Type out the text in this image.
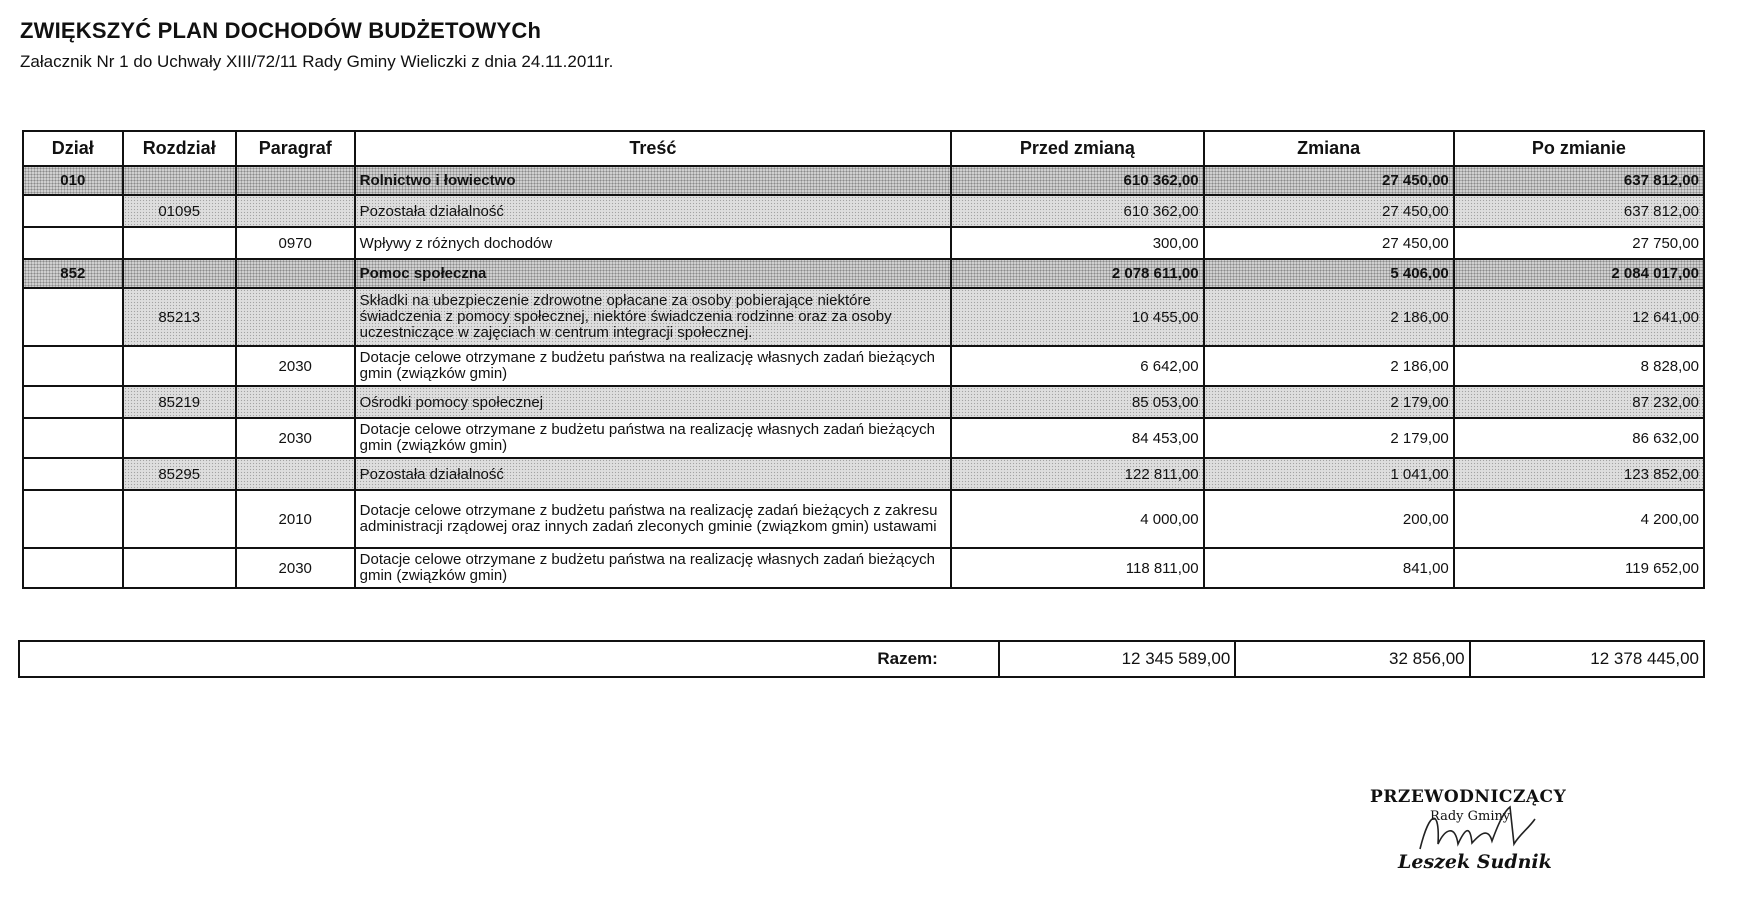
ZWIĘKSZYĆ PLAN DOCHODÓW BUDŻETOWYCh
Załacznik Nr 1 do Uchwały XIII/72/11 Rady Gminy Wieliczki z dnia 24.11.2011r.
Dział	Rozdział	Paragraf	Treść	Przed zmianą	Zmiana	Po zmianie
010			Rolnictwo i łowiectwo	610 362,00	27 450,00	637 812,00
	01095		Pozostała działalność	610 362,00	27 450,00	637 812,00
		0970	Wpływy z różnych dochodów	300,00	27 450,00	27 750,00
852			Pomoc społeczna	2 078 611,00	5 406,00	2 084 017,00
	85213		Składki na ubezpieczenie zdrowotne opłacane za osoby pobierające niektóre świadczenia z pomocy społecznej, niektóre świadczenia rodzinne oraz za osoby uczestniczące w zajęciach w centrum integracji społecznej.	10 455,00	2 186,00	12 641,00
		2030	Dotacje celowe otrzymane z budżetu państwa na realizację własnych zadań bieżących gmin (związków gmin)	6 642,00	2 186,00	8 828,00
	85219		Ośrodki pomocy społecznej	85 053,00	2 179,00	87 232,00
		2030	Dotacje celowe otrzymane z budżetu państwa na realizację własnych zadań bieżących gmin (związków gmin)	84 453,00	2 179,00	86 632,00
	85295		Pozostała działalność	122 811,00	1 041,00	123 852,00
		2010	Dotacje celowe otrzymane z budżetu państwa na realizację zadań bieżących z zakresu administracji rządowej oraz innych zadań zleconych gminie (związkom gmin) ustawami	4 000,00	200,00	4 200,00
		2030	Dotacje celowe otrzymane z budżetu państwa na realizację własnych zadań bieżących gmin (związków gmin)	118 811,00	841,00	119 652,00
Razem:	12 345 589,00	32 856,00	12 378 445,00
PRZEWODNICZĄCY
Rady Gminy
Leszek Sudnik
